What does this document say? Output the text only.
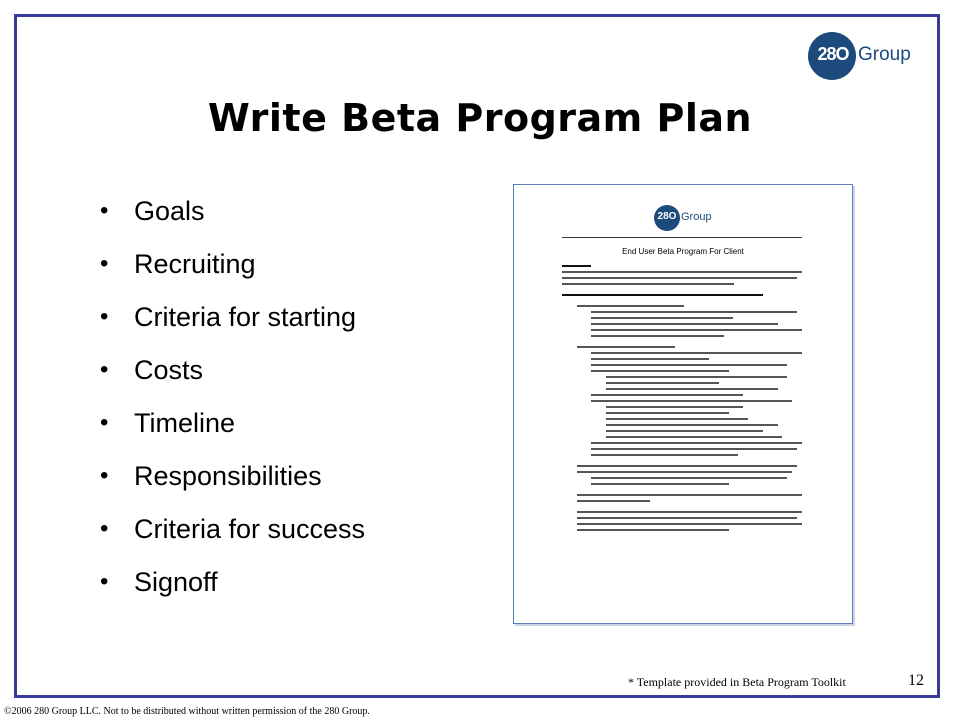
28O Group
Write Beta Program Plan
• Goals
• Recruiting
• Criteria for starting
• Costs
• Timeline
• Responsibilities
• Criteria for success
• Signoff
28O Group
End User Beta Program For Client
* Template provided in Beta Program Toolkit	12
©2006 280 Group LLC. Not to be distributed without written permission of the 280 Group.
